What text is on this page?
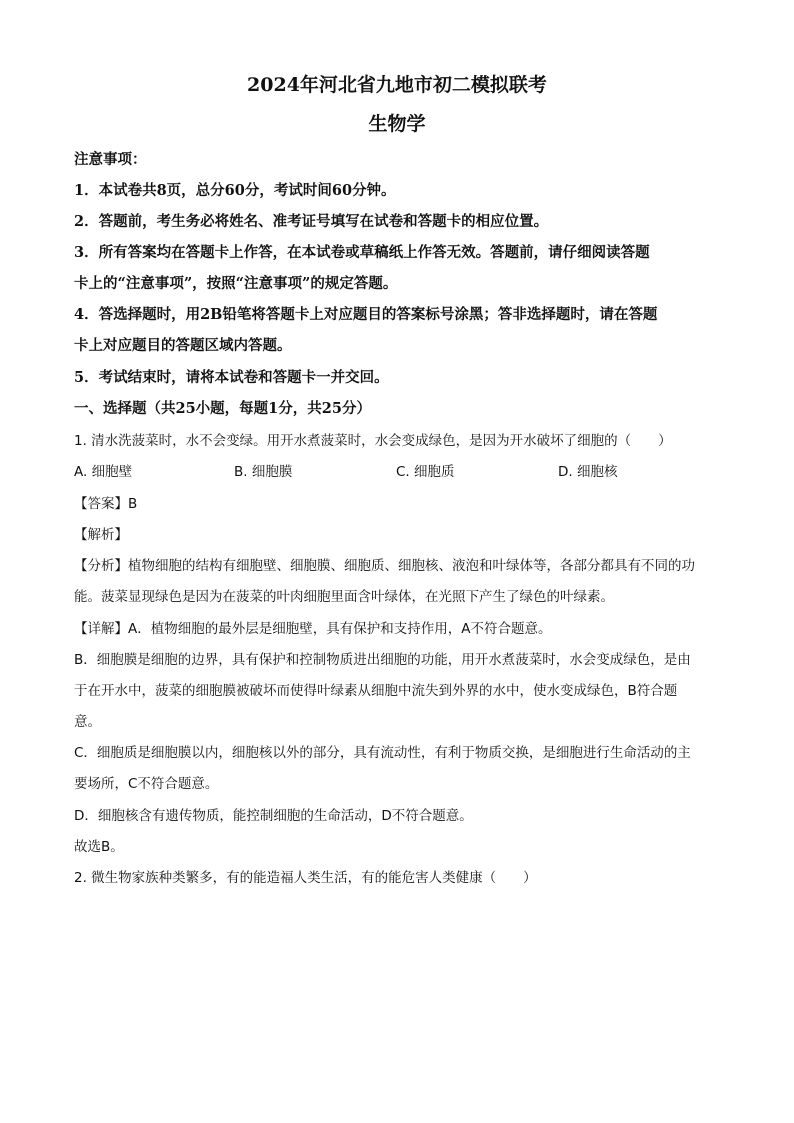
2024年河北省九地市初二模拟联考
生物学
注意事项：
1．本试卷共8页，总分60分，考试时间60分钟。
2．答题前，考生务必将姓名、准考证号填写在试卷和答题卡的相应位置。
3．所有答案均在答题卡上作答，在本试卷或草稿纸上作答无效。答题前，请仔细阅读答题
卡上的“注意事项”，按照“注意事项”的规定答题。
4．答选择题时，用2B铅笔将答题卡上对应题目的答案标号涂黑；答非选择题时，请在答题
卡上对应题目的答题区域内答题。
5．考试结束时，请将本试卷和答题卡一并交回。
一、选择题（共25小题，每题1分，共25分）
1. 清水洗菠菜时，水不会变绿。用开水煮菠菜时，水会变成绿色，是因为开水破坏了细胞的（　　）
A. 细胞壁	B. 细胞膜	C. 细胞质	D. 细胞核
【答案】B
【解析】
【分析】植物细胞的结构有细胞壁、细胞膜、细胞质、细胞核、液泡和叶绿体等，各部分都具有不同的功
能。菠菜显现绿色是因为在菠菜的叶肉细胞里面含叶绿体，在光照下产生了绿色的叶绿素。
【详解】A．植物细胞的最外层是细胞壁，具有保护和支持作用，A不符合题意。
B．细胞膜是细胞的边界，具有保护和控制物质进出细胞的功能，用开水煮菠菜时，水会变成绿色，是由
于在开水中，菠菜的细胞膜被破坏而使得叶绿素从细胞中流失到外界的水中，使水变成绿色，B符合题
意。
C．细胞质是细胞膜以内，细胞核以外的部分，具有流动性，有利于物质交换，是细胞进行生命活动的主
要场所，C不符合题意。
D．细胞核含有遗传物质，能控制细胞的生命活动，D不符合题意。
故选B。
2. 微生物家族种类繁多，有的能造福人类生活，有的能危害人类健康（　　）
